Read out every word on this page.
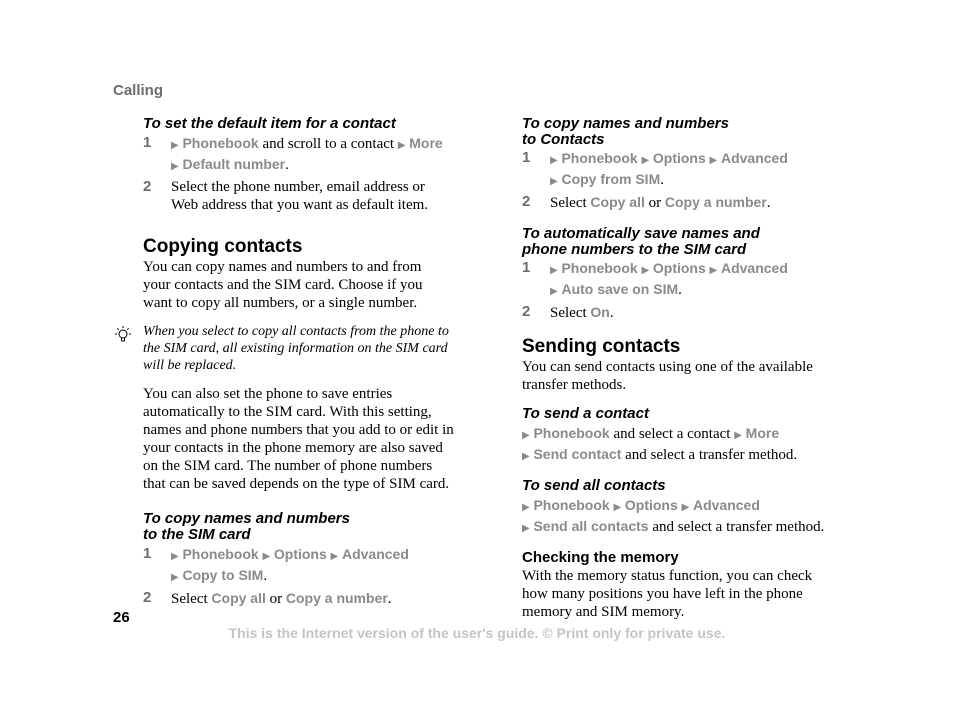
Calling

To set the default item for a contact

1 ▶ Phonebook and scroll to a contact ▶ More
▶ Default number.
2 Select the phone number, email address or
Web address that you want as default item.

Copying contacts

You can copy names and numbers to and from
your contacts and the SIM card. Choose if you
want to copy all numbers, or a single number.

When you select to copy all contacts from the phone to
the SIM card, all existing information on the SIM card
will be replaced.

You can also set the phone to save entries
automatically to the SIM card. With this setting,
names and phone numbers that you add to or edit in
your contacts in the phone memory are also saved
on the SIM card. The number of phone numbers
that can be saved depends on the type of SIM card.

To copy names and numbers
to the SIM card

1 ▶ Phonebook ▶ Options ▶ Advanced
▶ Copy to SIM.
2 Select Copy all or Copy a number.

To copy names and numbers
to Contacts

1 ▶ Phonebook ▶ Options ▶ Advanced
▶ Copy from SIM.
2 Select Copy all or Copy a number.

To automatically save names and
phone numbers to the SIM card

1 ▶ Phonebook ▶ Options ▶ Advanced
▶ Auto save on SIM.
2 Select On.

Sending contacts

You can send contacts using one of the available
transfer methods.

To send a contact

▶ Phonebook and select a contact ▶ More
▶ Send contact and select a transfer method.

To send all contacts

▶ Phonebook ▶ Options ▶ Advanced
▶ Send all contacts and select a transfer method.

Checking the memory

With the memory status function, you can check
how many positions you have left in the phone
memory and SIM memory.

26
This is the Internet version of the user's guide. © Print only for private use.
